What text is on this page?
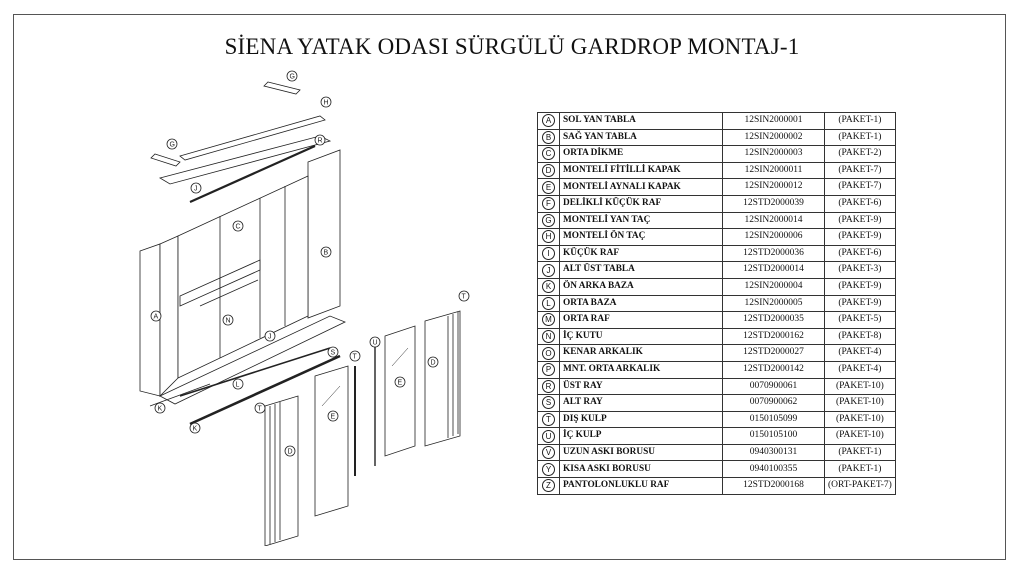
SİENA YATAK ODASI SÜRGÜLÜ GARDROP MONTAJ-1
G
H
R
G
J
A
B
C
N
J
L
S
K
K
T
D
E
T
U
E
D
T
A	SOL YAN TABLA	12SIN2000001	(PAKET-1)
B	SAĞ YAN TABLA	12SIN2000002	(PAKET-1)
C	ORTA DİKME	12SIN2000003	(PAKET-2)
D	MONTELİ FİTİLLİ KAPAK	12SIN2000011	(PAKET-7)
E	MONTELİ AYNALI KAPAK	12SIN2000012	(PAKET-7)
F	DELİKLİ KÜÇÜK RAF	12STD2000039	(PAKET-6)
G	MONTELİ YAN TAÇ	12SIN2000014	(PAKET-9)
H	MONTELİ ÖN TAÇ	12SIN2000006	(PAKET-9)
I	KÜÇÜK RAF	12STD2000036	(PAKET-6)
J	ALT ÜST TABLA	12STD2000014	(PAKET-3)
K	ÖN ARKA BAZA	12SIN2000004	(PAKET-9)
L	ORTA BAZA	12SIN2000005	(PAKET-9)
M	ORTA RAF	12STD2000035	(PAKET-5)
N	İÇ KUTU	12STD2000162	(PAKET-8)
O	KENAR ARKALIK	12STD2000027	(PAKET-4)
P	MNT. ORTA ARKALIK	12STD2000142	(PAKET-4)
R	ÜST RAY	0070900061	(PAKET-10)
S	ALT RAY	0070900062	(PAKET-10)
T	DIŞ KULP	0150105099	(PAKET-10)
U	İÇ KULP	0150105100	(PAKET-10)
V	UZUN ASKI BORUSU	0940300131	(PAKET-1)
Y	KISA ASKI BORUSU	0940100355	(PAKET-1)
Z	PANTOLONLUKLU RAF	12STD2000168	(ORT-PAKET-7)
